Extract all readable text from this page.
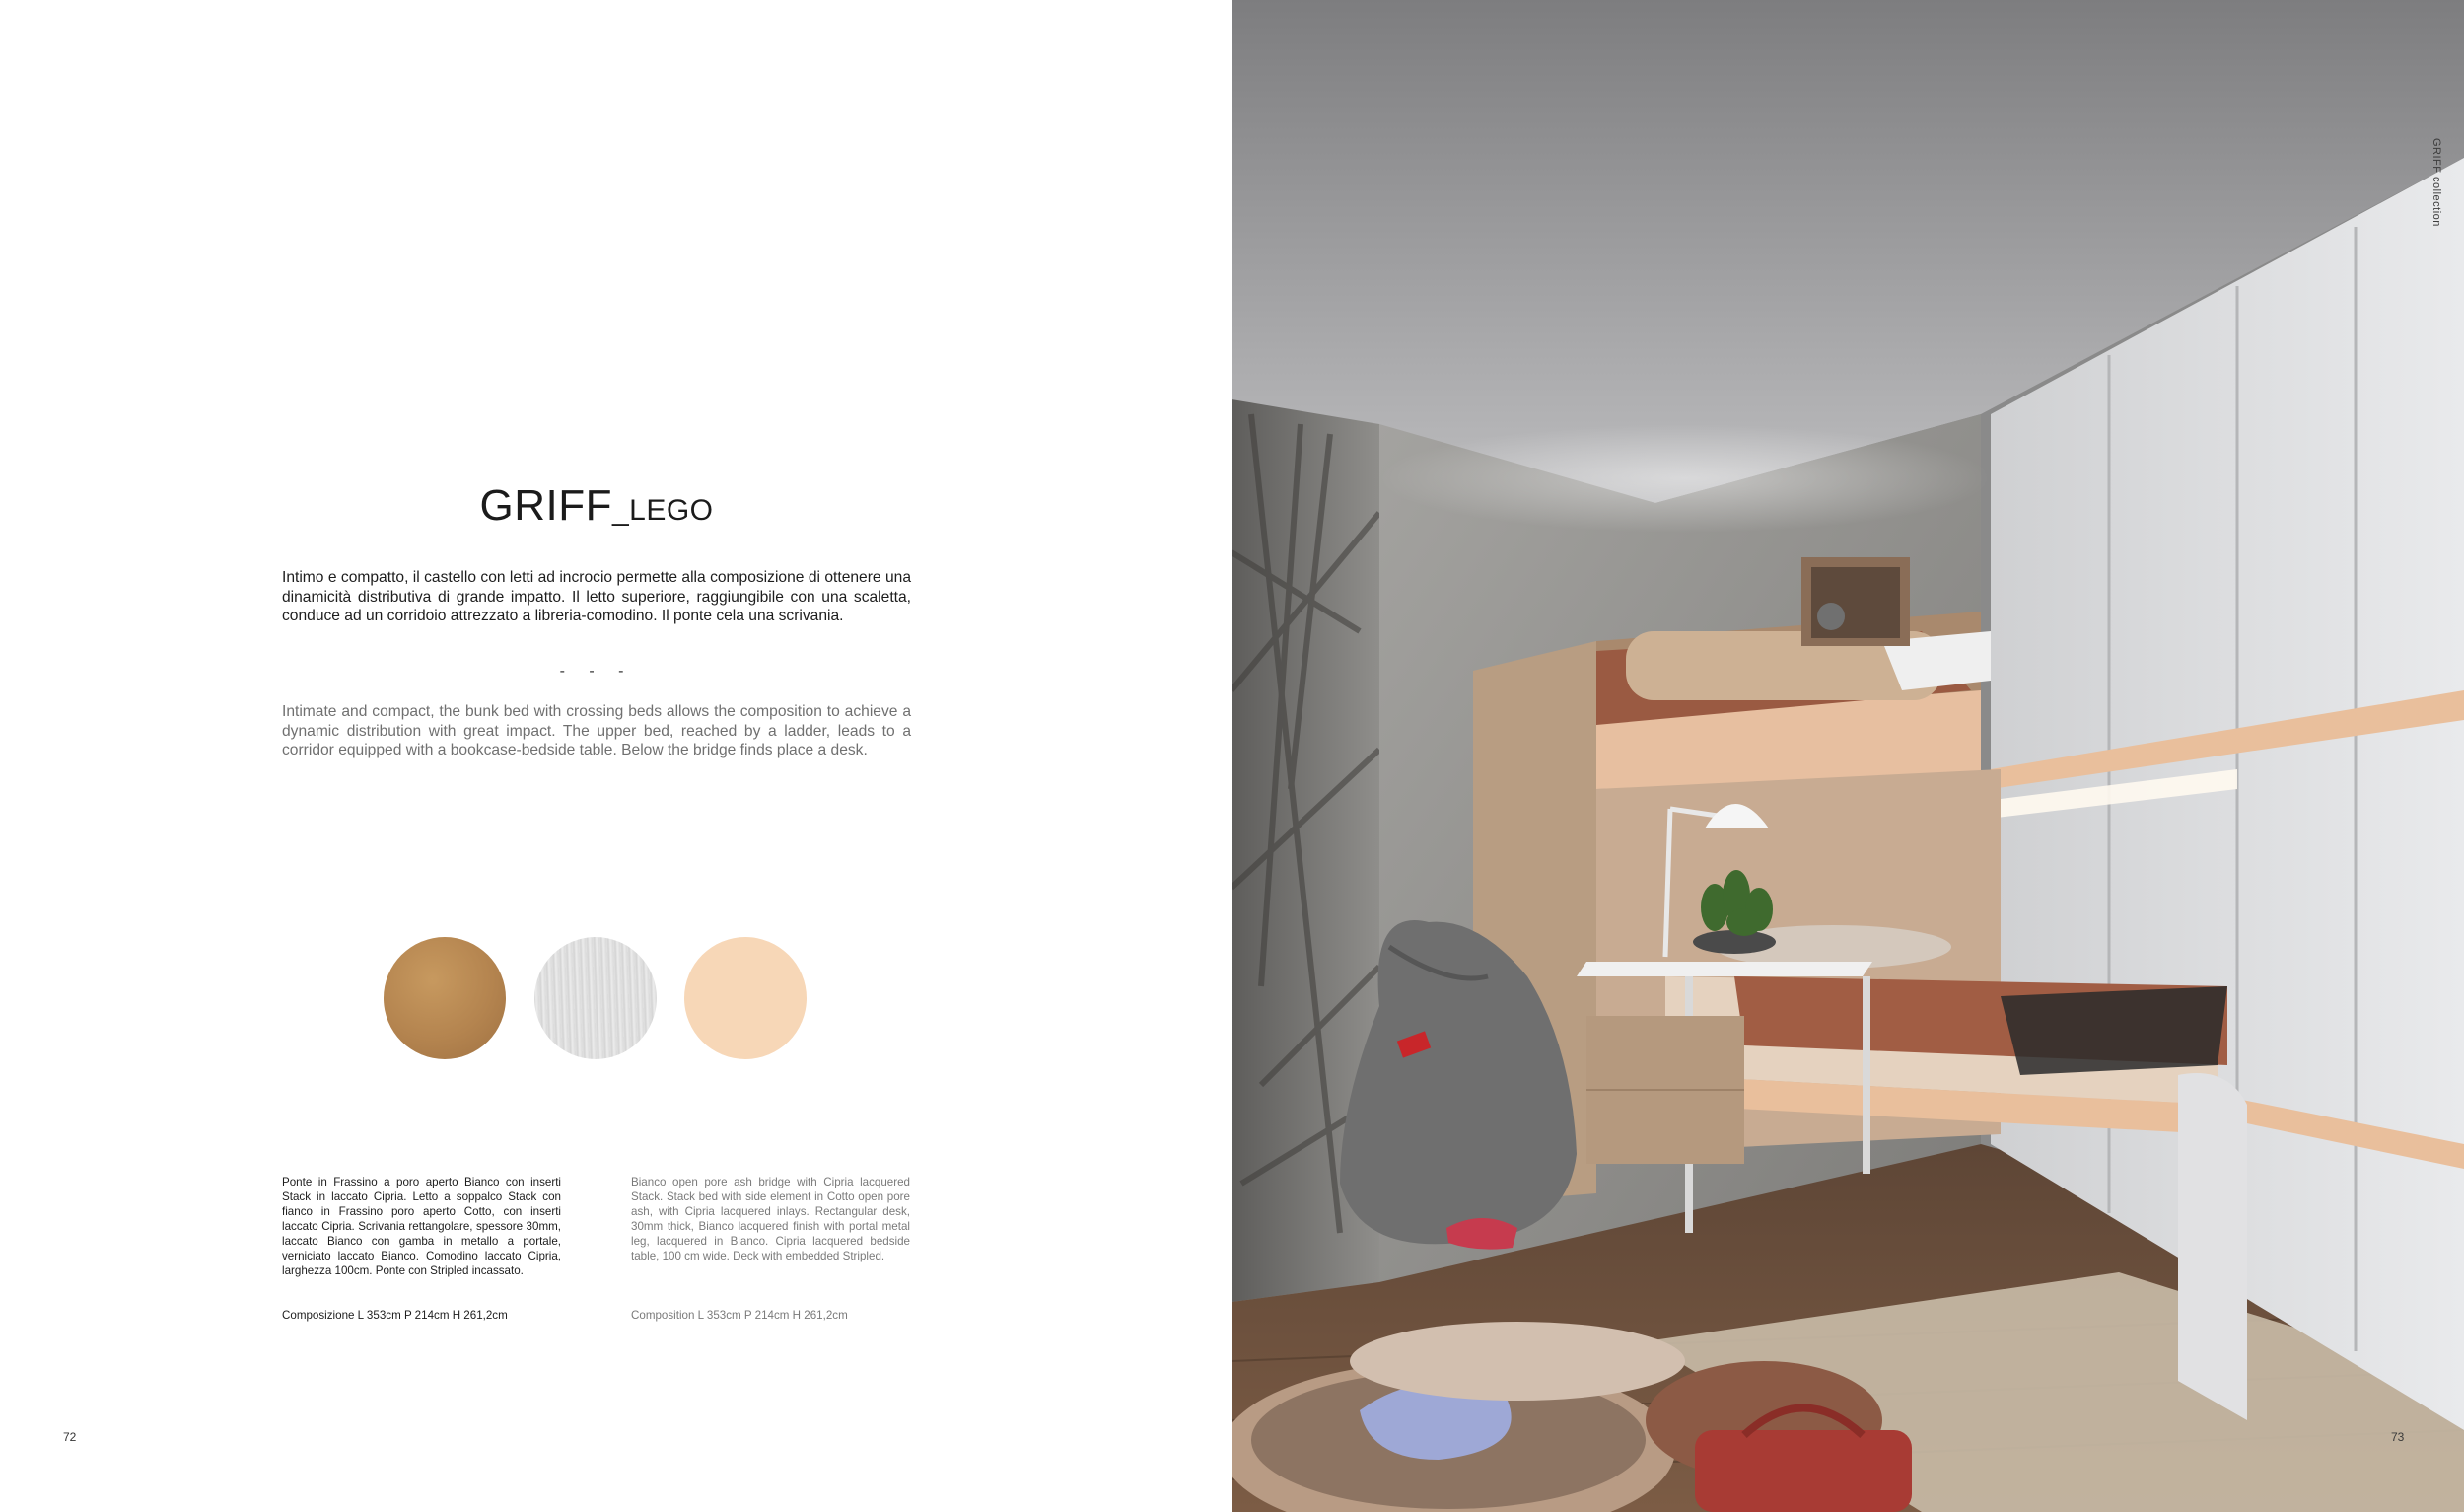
GRIFF_LEGO

Intimo e compatto, il castello con letti ad incrocio permette alla composizione di ottenere una dinamicità distributiva di grande impatto. Il letto superiore, raggiungibile con una scaletta, conduce ad un corridoio attrezzato a libreria-comodino. Il ponte cela una scrivania.

- - -

Intimate and compact, the bunk bed with crossing beds allows the composition to achieve a dynamic distribution with great impact. The upper bed, reached by a ladder, leads to a corridor equipped with a bookcase-bedside table. Below the bridge finds place a desk.

Ponte in Frassino a poro aperto Bianco con inserti Stack in laccato Cipria. Letto a soppalco Stack con fianco in Frassino poro aperto Cotto, con inserti laccato Cipria. Scrivania rettangolare, spessore 30mm, laccato Bianco con gamba in metallo a portale, verniciato laccato Bianco. Comodino laccato Cipria, larghezza 100cm. Ponte con Stripled incassato.

Bianco open pore ash bridge with Cipria lacquered Stack. Stack bed with side element in Cotto open pore ash, with Cipria lacquered inlays. Rectangular desk, 30mm thick, Bianco lacquered finish with portal metal leg, lacquered in Bianco. Cipria lacquered bedside table, 100 cm wide. Deck with embedded Stripled.

Composizione L 353cm P 214cm H 261,2cm	Composition L 353cm P 214cm H 261,2cm
72
GRIFF collection
73
